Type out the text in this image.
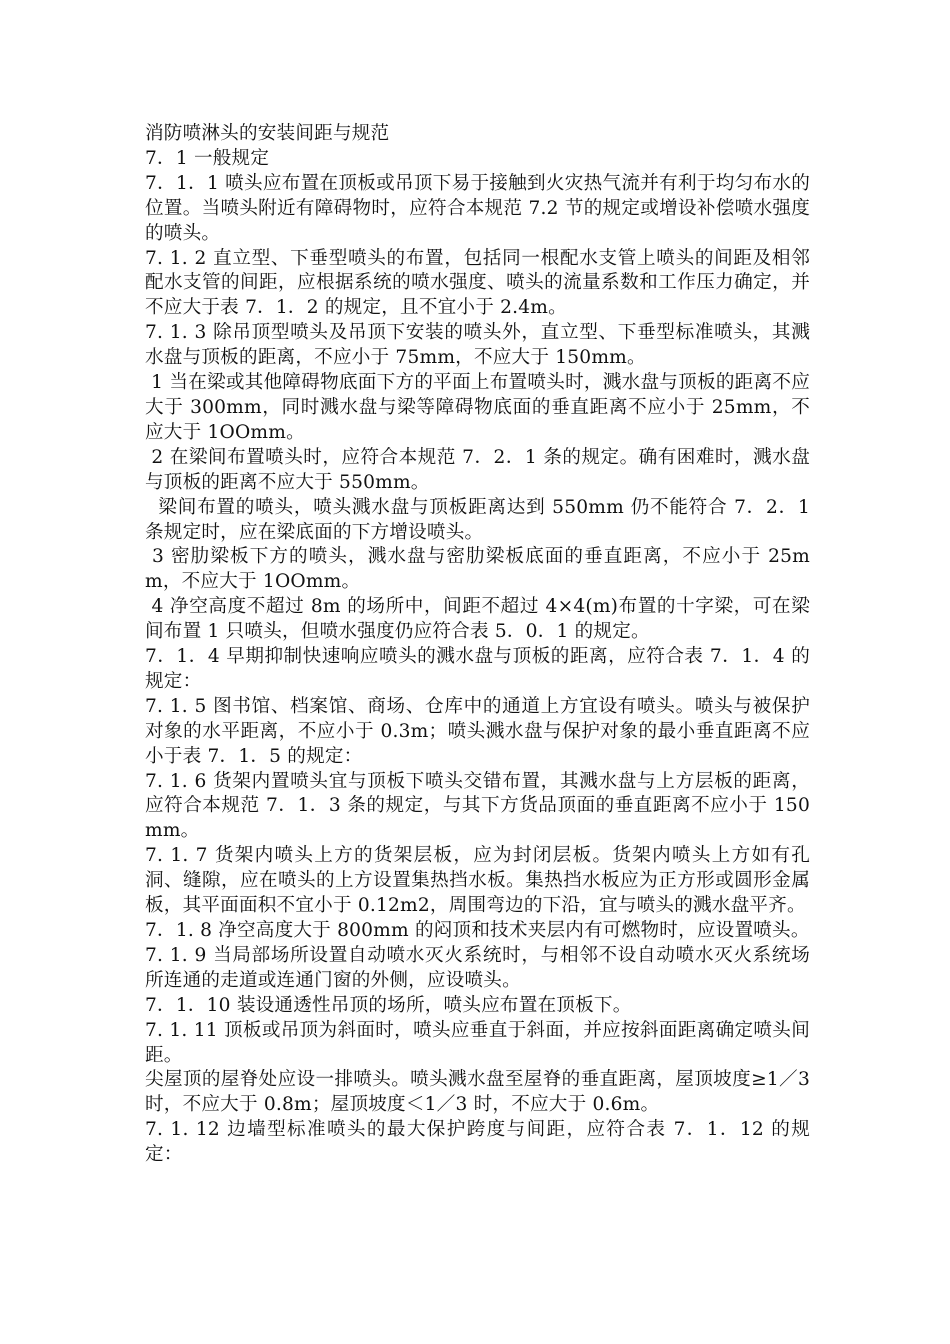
消防喷淋头的安装间距与规范

7．1 一般规定

7．1．1 喷头应布置在顶板或吊顶下易于接触到火灾热气流并有利于均匀布水的位置。当喷头附近有障碍物时，应符合本规范 7.2 节的规定或增设补偿喷水强度的喷头。

7. 1. 2 直立型、下垂型喷头的布置，包括同一根配水支管上喷头的间距及相邻配水支管的间距，应根据系统的喷水强度、喷头的流量系数和工作压力确定，并不应大于表 7．1．2 的规定，且不宜小于 2.4m。

7. 1. 3 除吊顶型喷头及吊顶下安装的喷头外，直立型、下垂型标准喷头，其溅水盘与顶板的距离，不应小于 75mm，不应大于 150mm。

1 当在梁或其他障碍物底面下方的平面上布置喷头时，溅水盘与顶板的距离不应大于 300mm，同时溅水盘与梁等障碍物底面的垂直距离不应小于 25mm，不应大于 1OOmm。

2 在梁间布置喷头时，应符合本规范 7．2．1 条的规定。确有困难时，溅水盘与顶板的距离不应大于 550mm。

梁间布置的喷头，喷头溅水盘与顶板距离达到 550mm 仍不能符合 7．2．1 条规定时，应在梁底面的下方增设喷头。

3 密肋梁板下方的喷头，溅水盘与密肋梁板底面的垂直距离，不应小于 25mm，不应大于 1OOmm。

4 净空高度不超过 8m 的场所中，间距不超过 4×4(m)布置的十字梁，可在梁间布置 1 只喷头，但喷水强度仍应符合表 5．0．1 的规定。

7．1．4 早期抑制快速响应喷头的溅水盘与顶板的距离，应符合表 7．1．4 的规定：

7. 1. 5 图书馆、档案馆、商场、仓库中的通道上方宜设有喷头。喷头与被保护对象的水平距离，不应小于 0.3m；喷头溅水盘与保护对象的最小垂直距离不应小于表 7．1．5 的规定：

7. 1. 6 货架内置喷头宜与顶板下喷头交错布置，其溅水盘与上方层板的距离，应符合本规范 7．1．3 条的规定，与其下方货品顶面的垂直距离不应小于 150mm。

7. 1. 7 货架内喷头上方的货架层板，应为封闭层板。货架内喷头上方如有孔洞、缝隙，应在喷头的上方设置集热挡水板。集热挡水板应为正方形或圆形金属板，其平面面积不宜小于 0.12m2，周围弯边的下沿，宜与喷头的溅水盘平齐。

7．1. 8 净空高度大于 800mm 的闷顶和技术夹层内有可燃物时，应设置喷头。

7. 1. 9 当局部场所设置自动喷水灭火系统时，与相邻不设自动喷水灭火系统场所连通的走道或连通门窗的外侧，应设喷头。

7．1．10 装设通透性吊顶的场所，喷头应布置在顶板下。

7. 1. 11 顶板或吊顶为斜面时，喷头应垂直于斜面，并应按斜面距离确定喷头间距。

尖屋顶的屋脊处应设一排喷头。喷头溅水盘至屋脊的垂直距离，屋顶坡度≥1／3 时，不应大于 0.8m；屋顶坡度＜1／3 时，不应大于 0.6m。

7. 1. 12 边墙型标准喷头的最大保护跨度与间距，应符合表 7．1．12 的规定：
